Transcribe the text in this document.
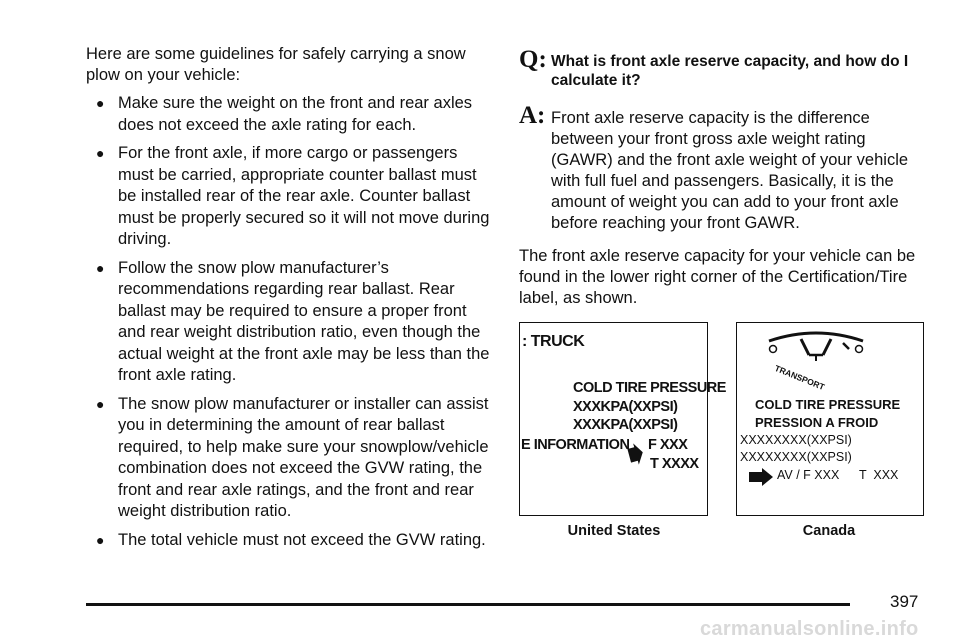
Here are some guidelines for safely carrying a snow plow on your vehicle:

● Make sure the weight on the front and rear axles does not exceed the axle rating for each.
● For the front axle, if more cargo or passengers must be carried, appropriate counter ballast must be installed rear of the rear axle. Counter ballast must be properly secured so it will not move during driving.
● Follow the snow plow manufacturer’s recommendations regarding rear ballast. Rear ballast may be required to ensure a proper front and rear weight distribution ratio, even though the actual weight at the front axle may be less than the front axle rating.
● The snow plow manufacturer or installer can assist you in determining the amount of rear ballast required, to help make sure your snowplow/vehicle combination does not exceed the GVW rating, the front and rear axle ratings, and the front and rear weight distribution ratio.
● The total vehicle must not exceed the GVW rating.
Q: What is front axle reserve capacity, and how do I calculate it?
A: Front axle reserve capacity is the difference between your front gross axle weight rating (GAWR) and the front axle weight of your vehicle with full fuel and passengers. Basically, it is the amount of weight you can add to your front axle before reaching your front GAWR.

The front axle reserve capacity for your vehicle can be found in the lower right corner of the Certification/Tire label, as shown.

: TRUCK
COLD TIRE PRESSURE
XXXKPA(XXPSI)
XXXKPA(XXPSI)
E INFORMATION F XXX
T XXXX
TRANSPORT
COLD TIRE PRESSURE
PRESSION A FROID
XXXXXXXX(XXPSI)
XXXXXXXX(XXPSI)
AV / F XXX T  XXX
United States	Canada
397
carmanualsonline.info
